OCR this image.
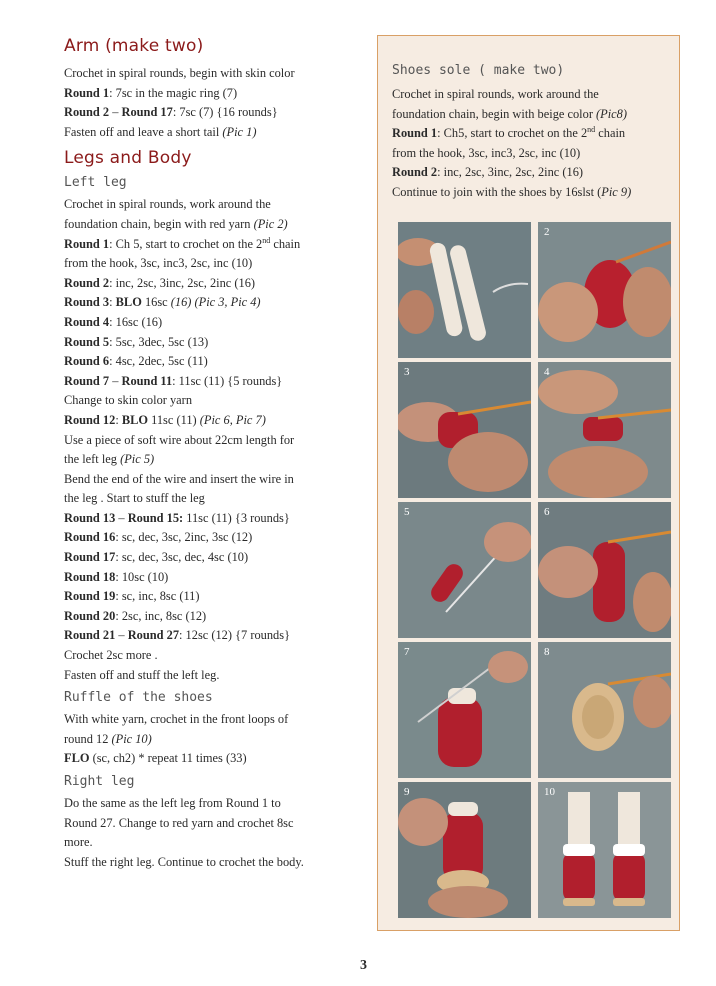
Arm (make two)
Crochet in spiral rounds, begin with skin color
Round 1: 7sc in the magic ring (7)
Round 2 – Round 17: 7sc (7) {16 rounds}
Fasten off and leave a short tail (Pic 1)
Legs and Body
Left leg
Crochet in spiral rounds, work around the
foundation chain, begin with red yarn (Pic 2)
Round 1: Ch 5, start to crochet on the 2nd chain
from the hook, 3sc, inc3, 2sc, inc (10)
Round 2: inc, 2sc, 3inc, 2sc, 2inc (16)
Round 3: BLO 16sc (16) (Pic 3, Pic 4)
Round 4: 16sc (16)
Round 5: 5sc, 3dec, 5sc (13)
Round 6: 4sc, 2dec, 5sc (11)
Round 7 – Round 11: 11sc (11) {5 rounds}
Change to skin color yarn
Round 12: BLO 11sc (11) (Pic 6, Pic 7)
Use a piece of soft wire about 22cm length for
the left leg (Pic 5)
Bend the end of the wire and insert the wire in
the leg . Start to stuff the leg
Round 13 – Round 15: 11sc (11) {3 rounds}
Round 16: sc, dec, 3sc, 2inc, 3sc (12)
Round 17: sc, dec, 3sc, dec, 4sc (10)
Round 18: 10sc (10)
Round 19: sc, inc, 8sc (11)
Round 20: 2sc, inc, 8sc (12)
Round 21 – Round 27: 12sc (12) {7 rounds}
Crochet 2sc more .
Fasten off and stuff the left leg.
Ruffle of the shoes
With white yarn, crochet in the front loops of
round 12 (Pic 10)
FLO (sc, ch2) * repeat 11 times (33)
Right leg
Do the same as the left leg from Round 1 to
Round 27. Change to red yarn and crochet 8sc
more.
Stuff the right leg. Continue to crochet the body.
Shoes sole ( make two)
Crochet in spiral rounds, work around the
foundation chain, begin with beige color (Pic8)
Round 1: Ch5, start to crochet on the 2nd chain
from the hook, 3sc, inc3, 2sc, inc (10)
Round 2: inc, 2sc, 3inc, 2sc, 2inc (16)
Continue to join with the shoes by 16slst (Pic 9)
2
3	4
5	6
7	8
9	10
3
